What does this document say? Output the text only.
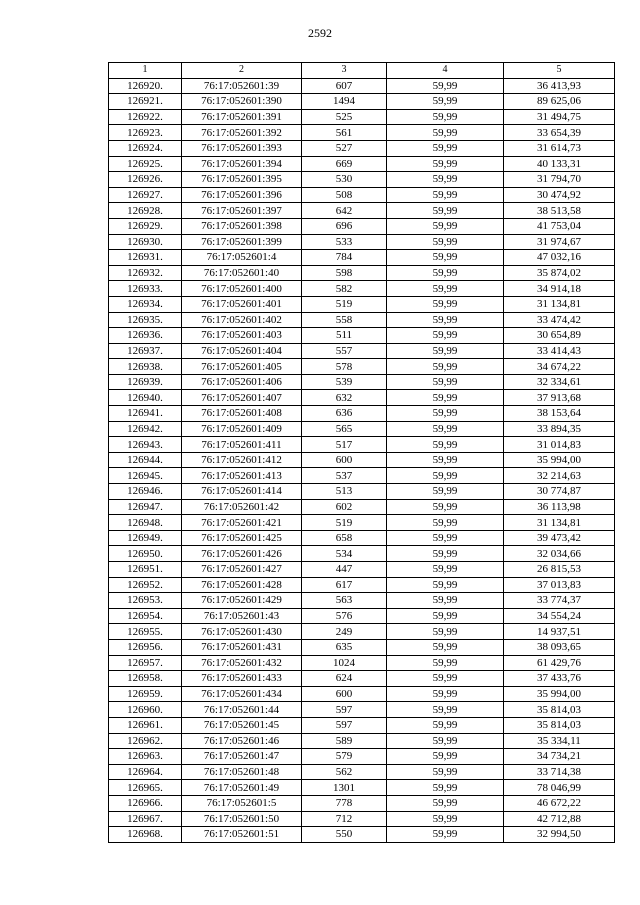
2592
1	2	3	4	5
126920.	76:17:052601:39	607	59,99	36 413,93
126921.	76:17:052601:390	1494	59,99	89 625,06
126922.	76:17:052601:391	525	59,99	31 494,75
126923.	76:17:052601:392	561	59,99	33 654,39
126924.	76:17:052601:393	527	59,99	31 614,73
126925.	76:17:052601:394	669	59,99	40 133,31
126926.	76:17:052601:395	530	59,99	31 794,70
126927.	76:17:052601:396	508	59,99	30 474,92
126928.	76:17:052601:397	642	59,99	38 513,58
126929.	76:17:052601:398	696	59,99	41 753,04
126930.	76:17:052601:399	533	59,99	31 974,67
126931.	76:17:052601:4	784	59,99	47 032,16
126932.	76:17:052601:40	598	59,99	35 874,02
126933.	76:17:052601:400	582	59,99	34 914,18
126934.	76:17:052601:401	519	59,99	31 134,81
126935.	76:17:052601:402	558	59,99	33 474,42
126936.	76:17:052601:403	511	59,99	30 654,89
126937.	76:17:052601:404	557	59,99	33 414,43
126938.	76:17:052601:405	578	59,99	34 674,22
126939.	76:17:052601:406	539	59,99	32 334,61
126940.	76:17:052601:407	632	59,99	37 913,68
126941.	76:17:052601:408	636	59,99	38 153,64
126942.	76:17:052601:409	565	59,99	33 894,35
126943.	76:17:052601:411	517	59,99	31 014,83
126944.	76:17:052601:412	600	59,99	35 994,00
126945.	76:17:052601:413	537	59,99	32 214,63
126946.	76:17:052601:414	513	59,99	30 774,87
126947.	76:17:052601:42	602	59,99	36 113,98
126948.	76:17:052601:421	519	59,99	31 134,81
126949.	76:17:052601:425	658	59,99	39 473,42
126950.	76:17:052601:426	534	59,99	32 034,66
126951.	76:17:052601:427	447	59,99	26 815,53
126952.	76:17:052601:428	617	59,99	37 013,83
126953.	76:17:052601:429	563	59,99	33 774,37
126954.	76:17:052601:43	576	59,99	34 554,24
126955.	76:17:052601:430	249	59,99	14 937,51
126956.	76:17:052601:431	635	59,99	38 093,65
126957.	76:17:052601:432	1024	59,99	61 429,76
126958.	76:17:052601:433	624	59,99	37 433,76
126959.	76:17:052601:434	600	59,99	35 994,00
126960.	76:17:052601:44	597	59,99	35 814,03
126961.	76:17:052601:45	597	59,99	35 814,03
126962.	76:17:052601:46	589	59,99	35 334,11
126963.	76:17:052601:47	579	59,99	34 734,21
126964.	76:17:052601:48	562	59,99	33 714,38
126965.	76:17:052601:49	1301	59,99	78 046,99
126966.	76:17:052601:5	778	59,99	46 672,22
126967.	76:17:052601:50	712	59,99	42 712,88
126968.	76:17:052601:51	550	59,99	32 994,50
